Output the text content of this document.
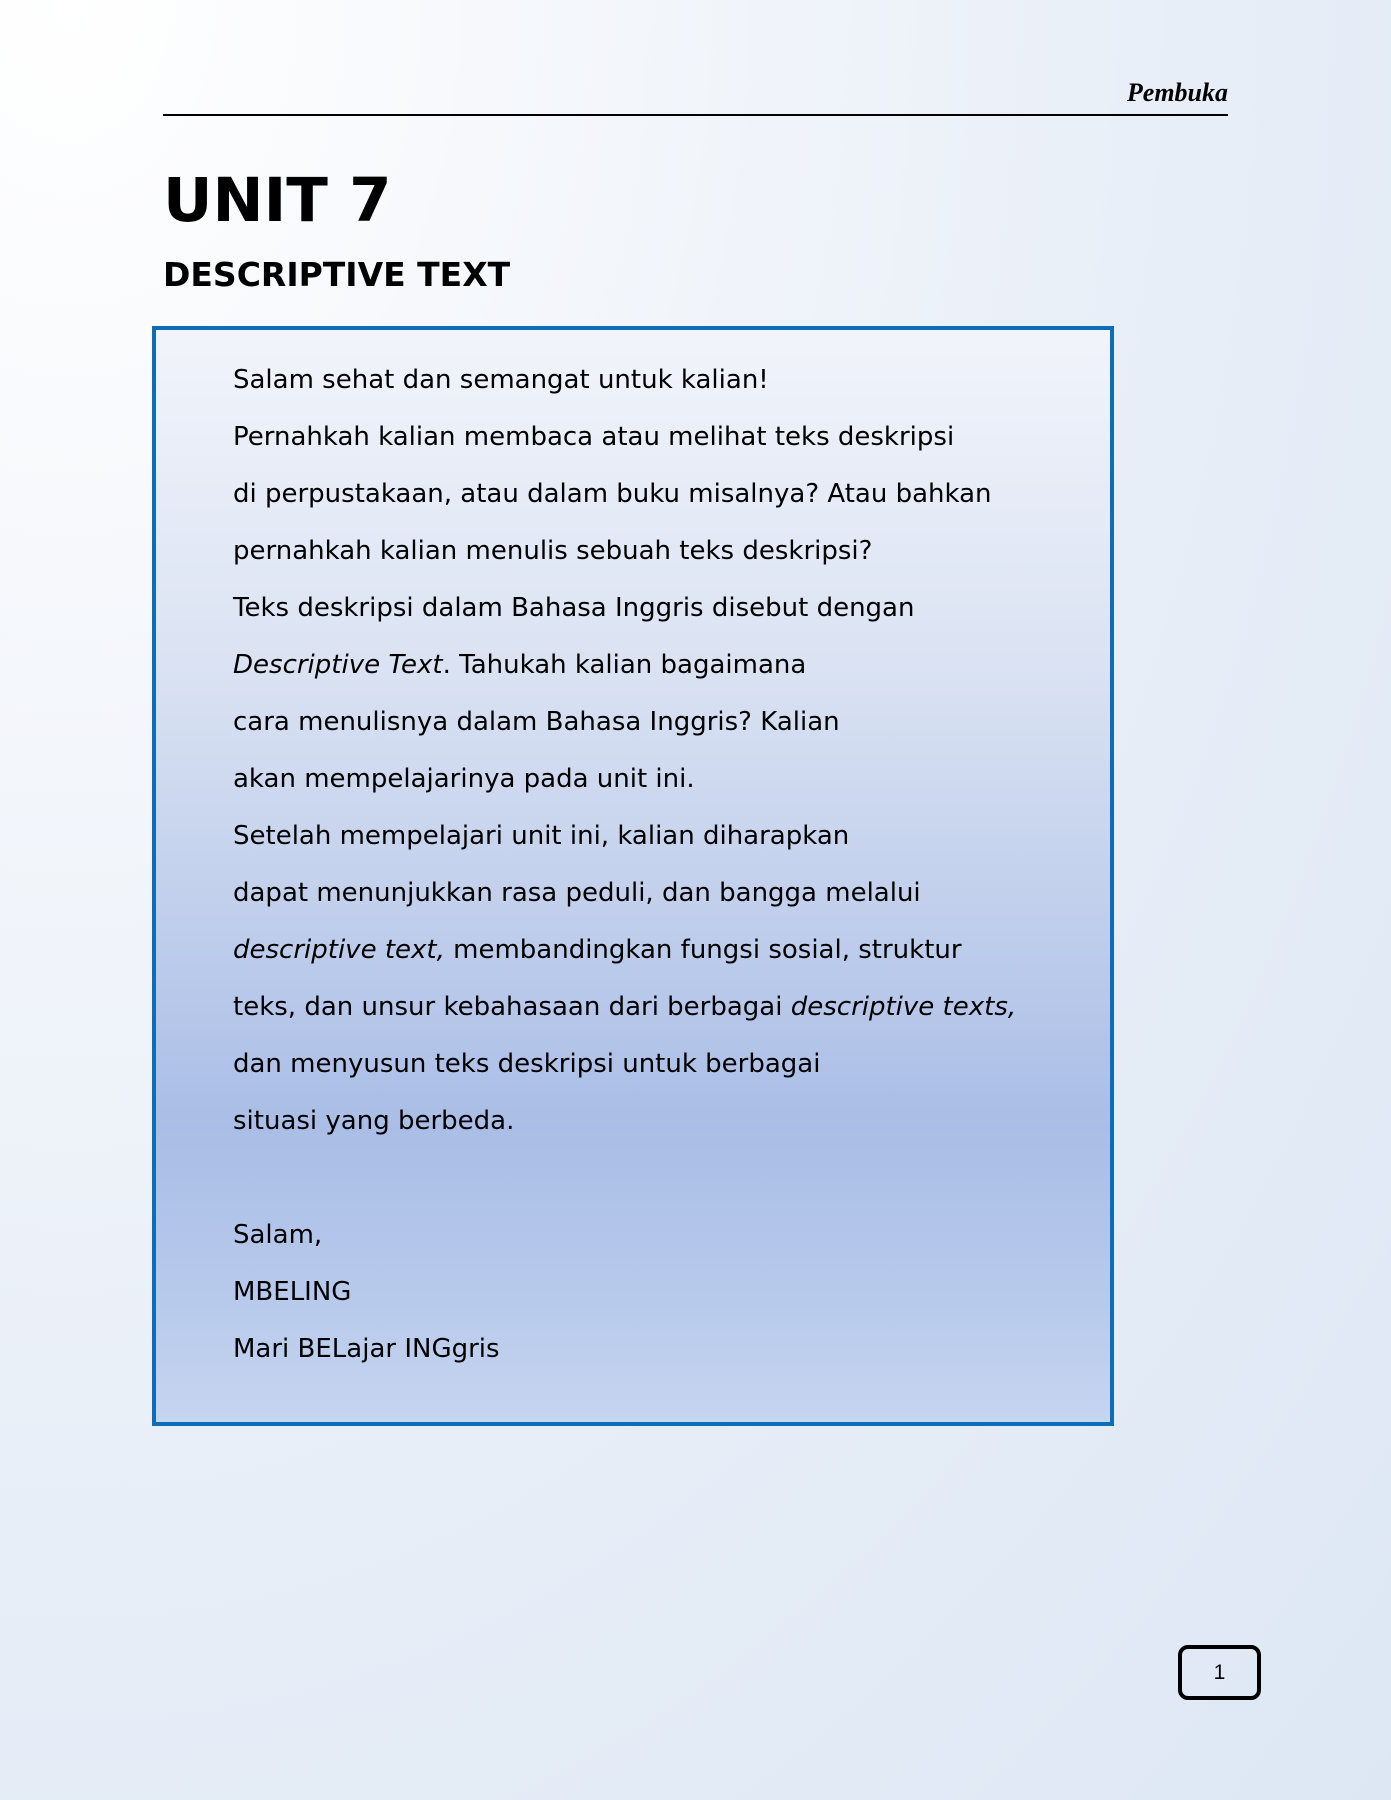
Pembuka
UNIT 7
DESCRIPTIVE TEXT
Salam sehat dan semangat untuk kalian!
Pernahkah kalian membaca atau melihat teks deskripsi
di perpustakaan, atau dalam buku misalnya? Atau bahkan
pernahkah kalian menulis sebuah teks deskripsi?
Teks deskripsi dalam Bahasa Inggris disebut dengan
Descriptive Text. Tahukah kalian bagaimana
cara menulisnya dalam Bahasa Inggris? Kalian
akan mempelajarinya pada unit ini.
Setelah mempelajari unit ini, kalian diharapkan
dapat menunjukkan rasa peduli, dan bangga melalui
descriptive text, membandingkan fungsi sosial, struktur
teks, dan unsur kebahasaan dari berbagai descriptive texts,
dan menyusun teks deskripsi untuk berbagai
situasi yang berbeda.
Salam,
MBELING
Mari BELajar INGgris
1
